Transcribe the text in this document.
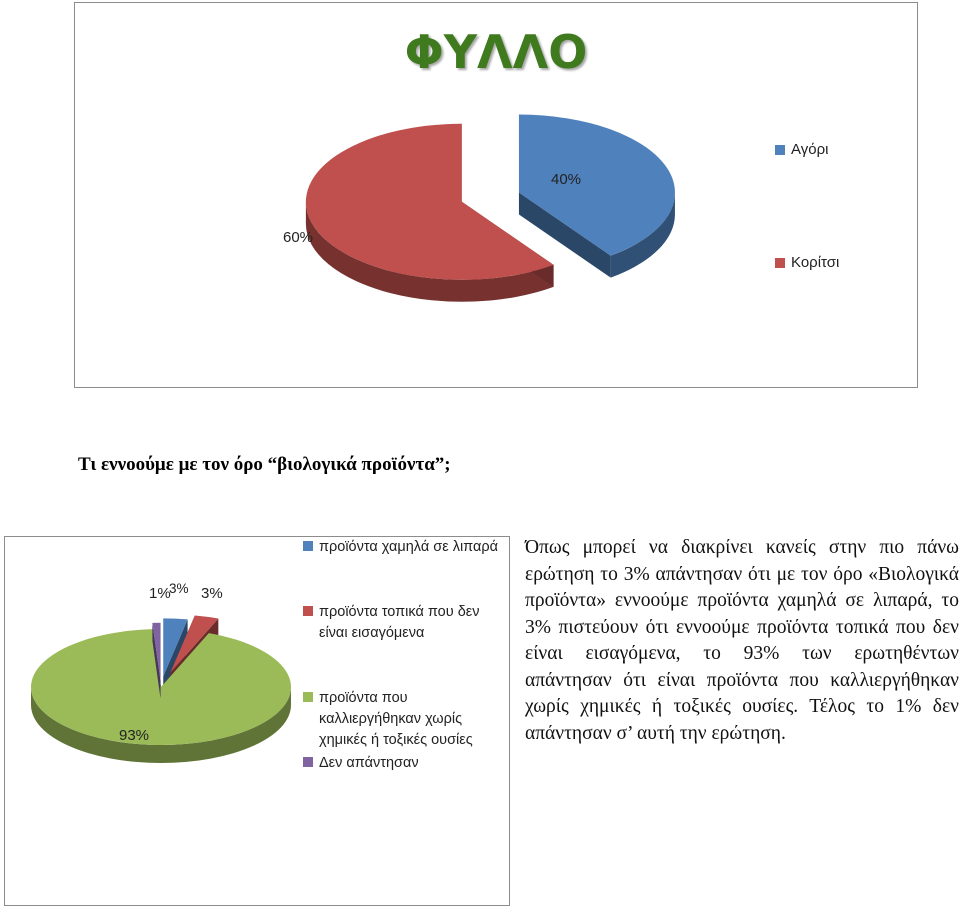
ΦΥΛΛΟ
40%
60%
Αγόρι
Κορίτσι
Τι εννοούμε με τον όρο “βιολογικά προϊόντα”;
1%
3% 3%
93%
προϊόντα χαμηλά σε λιπαρά
προϊόντα τοπικά που δεν είναι εισαγόμενα
προϊόντα που καλλιεργήθηκαν χωρίς χημικές ή τοξικές ουσίες
Δεν απάντησαν
Όπως μπορεί να διακρίνει κανείς στην πιο πάνω ερώτηση το 3% απάντησαν ότι με τον όρο «Βιολογικά προϊόντα» εννοούμε προϊόντα χαμηλά σε λιπαρά, το 3% πιστεύουν ότι εννοούμε προϊόντα τοπικά που δεν είναι εισαγόμενα, το 93% των ερωτηθέντων απάντησαν ότι είναι προϊόντα που καλλιεργήθηκαν χωρίς χημικές ή τοξικές ουσίες. Τέλος το 1% δεν απάντησαν σ’ αυτή την ερώτηση.
